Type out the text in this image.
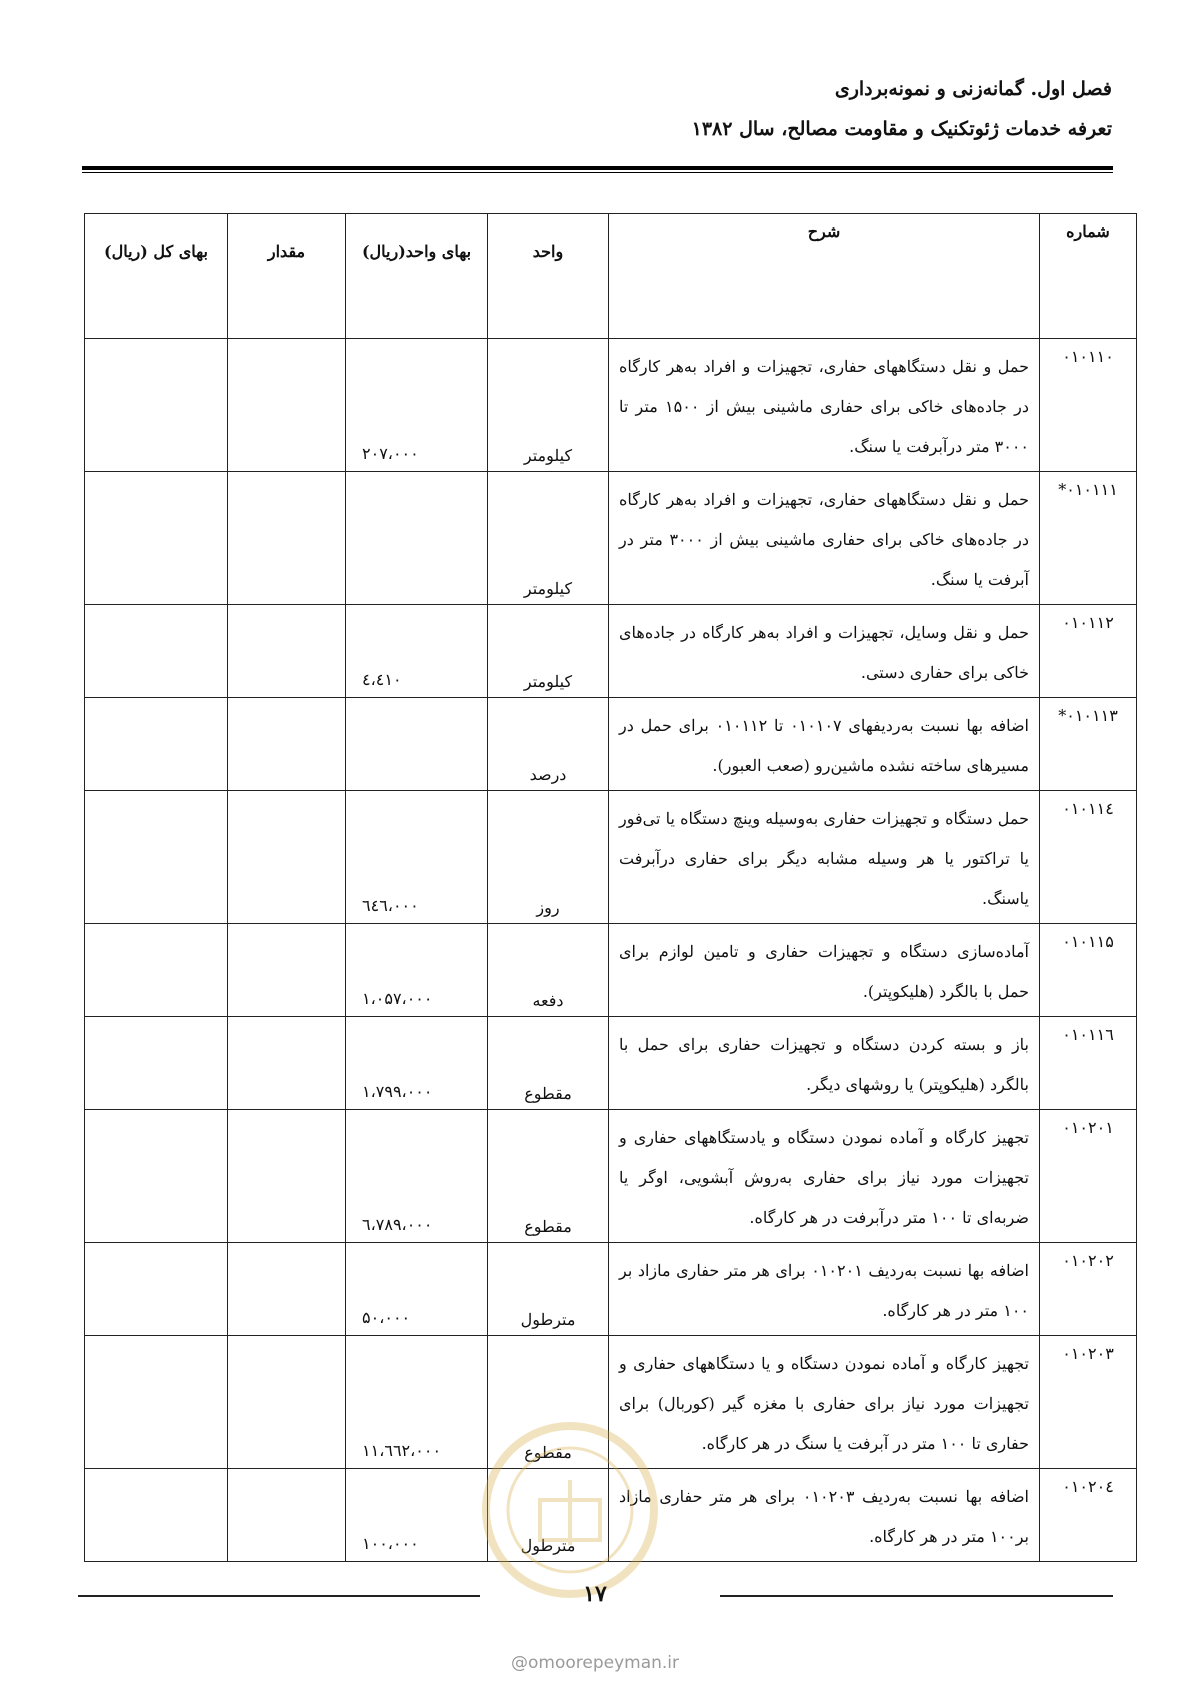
فصل اول. گمانه‌زنی و نمونه‌برداری
تعرفه خدمات ژئوتکنیک و مقاومت مصالح، سال ۱۳۸۲
شماره	شرح	واحد	بهای واحد(ریال)	مقدار	بهای کل (ریال)
۰۱۰۱۱۰	حمل و نقل دستگاههای حفاری، تجهیزات و افراد به‌هر کارگاه در جاده‌های خاکی برای حفاری ماشینی بیش از ۱۵۰۰ متر تا ۳۰۰۰ متر درآبرفت یا سنگ.	کیلومتر	۲۰۷،۰۰۰		
۰۱۰۱۱۱*	حمل و نقل دستگاههای حفاری، تجهیزات و افراد به‌هر کارگاه در جاده‌های خاکی برای حفاری ماشینی بیش از ۳۰۰۰ متر در آبرفت یا سنگ.	کیلومتر			
۰۱۰۱۱۲	حمل و نقل وسایل، تجهیزات و افراد به‌هر کارگاه در جاده‌های خاکی برای حفاری دستی.	کیلومتر	٤،٤۱۰		
۰۱۰۱۱۳*	اضافه بها نسبت به‌ردیفهای ۰۱۰۱۰۷ تا ۰۱۰۱۱۲ برای حمل در مسیرهای ساخته نشده ماشین‌رو (صعب العبور).	درصد			
۰۱۰۱۱٤	حمل دستگاه و تجهیزات حفاری به‌وسیله وینچ دستگاه یا تی‌فور یا تراکتور یا هر وسیله مشابه دیگر برای حفاری درآبرفت یاسنگ.	روز	٦٤٦،۰۰۰		
۰۱۰۱۱۵	آماده‌سازی دستگاه و تجهیزات حفاری و تامین لوازم برای حمل با بالگرد (هلیکوپتر).	دفعه	۱،۰۵۷،۰۰۰		
۰۱۰۱۱٦	باز و بسته کردن دستگاه و تجهیزات حفاری برای حمل با بالگرد (هلیکوپتر) یا روشهای دیگر.	مقطوع	۱،۷۹۹،۰۰۰		
۰۱۰۲۰۱	تجهیز کارگاه و آماده نمودن دستگاه و یادستگاههای حفاری و تجهیزات مورد نیاز برای حفاری به‌روش آبشویی، اوگر یا ضربه‌ای تا ۱۰۰ متر درآبرفت در هر کارگاه.	مقطوع	٦،۷۸۹،۰۰۰		
۰۱۰۲۰۲	اضافه بها نسبت به‌ردیف ۰۱۰۲۰۱ برای هر متر حفاری مازاد بر ۱۰۰ متر در هر کارگاه.	مترطول	۵۰،۰۰۰		
۰۱۰۲۰۳	تجهیز کارگاه و آماده نمودن دستگاه و یا دستگاههای حفاری و تجهیزات مورد نیاز برای حفاری با مغزه گیر (کوربال) برای حفاری تا ۱۰۰ متر در آبرفت یا سنگ در هر کارگاه.	مقطوع	۱۱،٦٦۲،۰۰۰		
۰۱۰۲۰٤	اضافه بها نسبت به‌ردیف ۰۱۰۲۰۳ برای هر متر حفاری مازاد بر۱۰۰ متر در هر کارگاه.	مترطول	۱۰۰،۰۰۰		
۱۷
@omoorepeyman.ir
